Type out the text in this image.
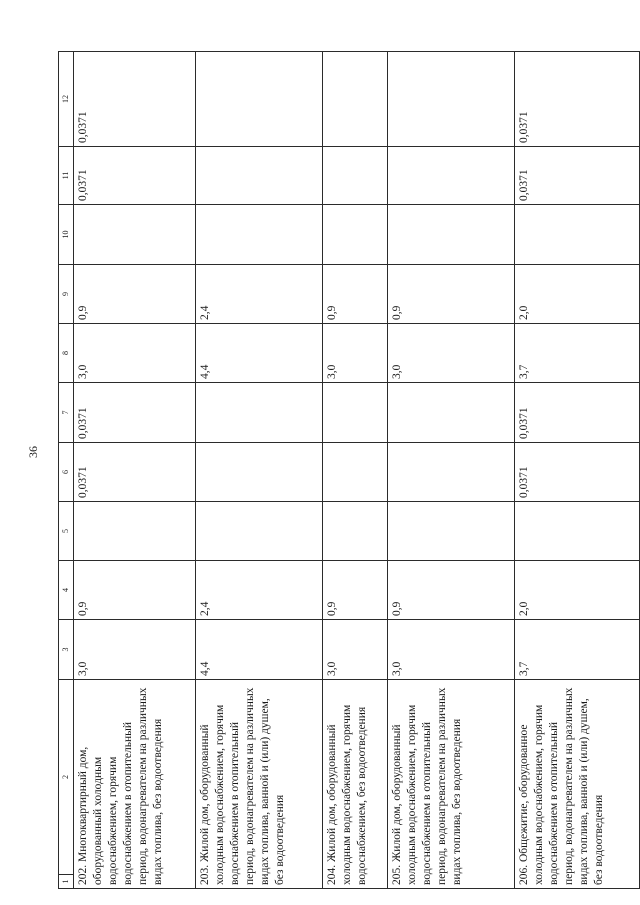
36
1	2	3	4	5	6	7	8	9	10	11	12
202. Многоквартирный дом, оборудованный холодным водоснабжением, горячим водоснабжением в отопительный период, водонагревателем на различных видах топлива, без водоотведения		3,0	0,9		0,0371	0,0371	3,0	0,9		0,0371	0,0371
203. Жилой дом, оборудованный холодным водоснабжением, горячим водоснабжением в отопительный период, водонагревателем на различных видах топлива, ванной и (или) душем, без водоотведения		4,4	2,4				4,4	2,4			
204. Жилой дом, оборудованный холодным водоснабжением, горячим водоснабжением, без водоотведения		3,0	0,9				3,0	0,9			
205. Жилой дом, оборудованный холодным водоснабжением, горячим водоснабжением в отопительный период, водонагревателем на различных видах топлива, без водоотведения		3,0	0,9				3,0	0,9			
206. Общежитие, оборудованное холодным водоснабжением, горячим водоснабжением в отопительный период, водонагревателем на различных видах топлива, ванной и (или) душем, без водоотведения		3,7	2,0		0,0371	0,0371	3,7	2,0		0,0371	0,0371
